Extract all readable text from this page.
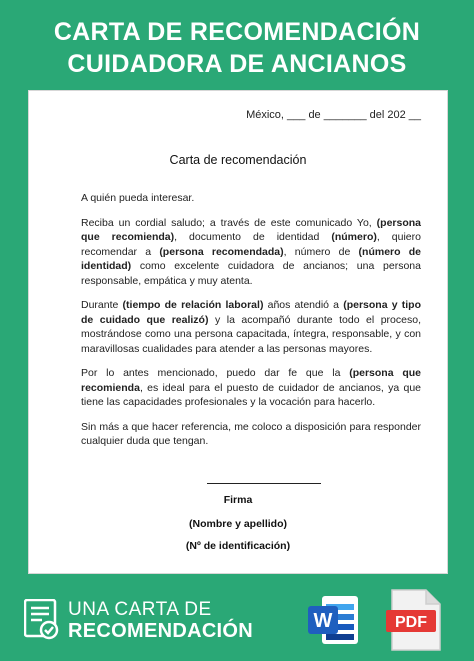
CARTA DE RECOMENDACIÓN
CUIDADORA DE ANCIANOS
México, ___ de _______ del 202 __
Carta de recomendación

A quién pueda interesar.

Reciba un cordial saludo; a través de este comunicado Yo, (persona que recomienda), documento de identidad (número), quiero recomendar a (persona recomendada), número de (número de identidad) como excelente cuidadora de ancianos; una persona responsable, empática y muy atenta.

Durante (tiempo de relación laboral) años atendió a (persona y tipo de cuidado que realizó) y la acompañó durante todo el proceso, mostrándose como una persona capacitada, íntegra, responsable, y con maravillosas cualidades para atender a las personas mayores.

Por lo antes mencionado, puedo dar fe que la (persona que recomienda, es ideal para el puesto de cuidador de ancianos, ya que tiene las capacidades profesionales y la vocación para hacerlo.

Sin más a que hacer referencia, me coloco a disposición para responder cualquier duda que tengan.

Firma
(Nombre y apellido)
(Nº de identificación)
UNA CARTA DE
RECOMENDACIÓN	W	PDF
